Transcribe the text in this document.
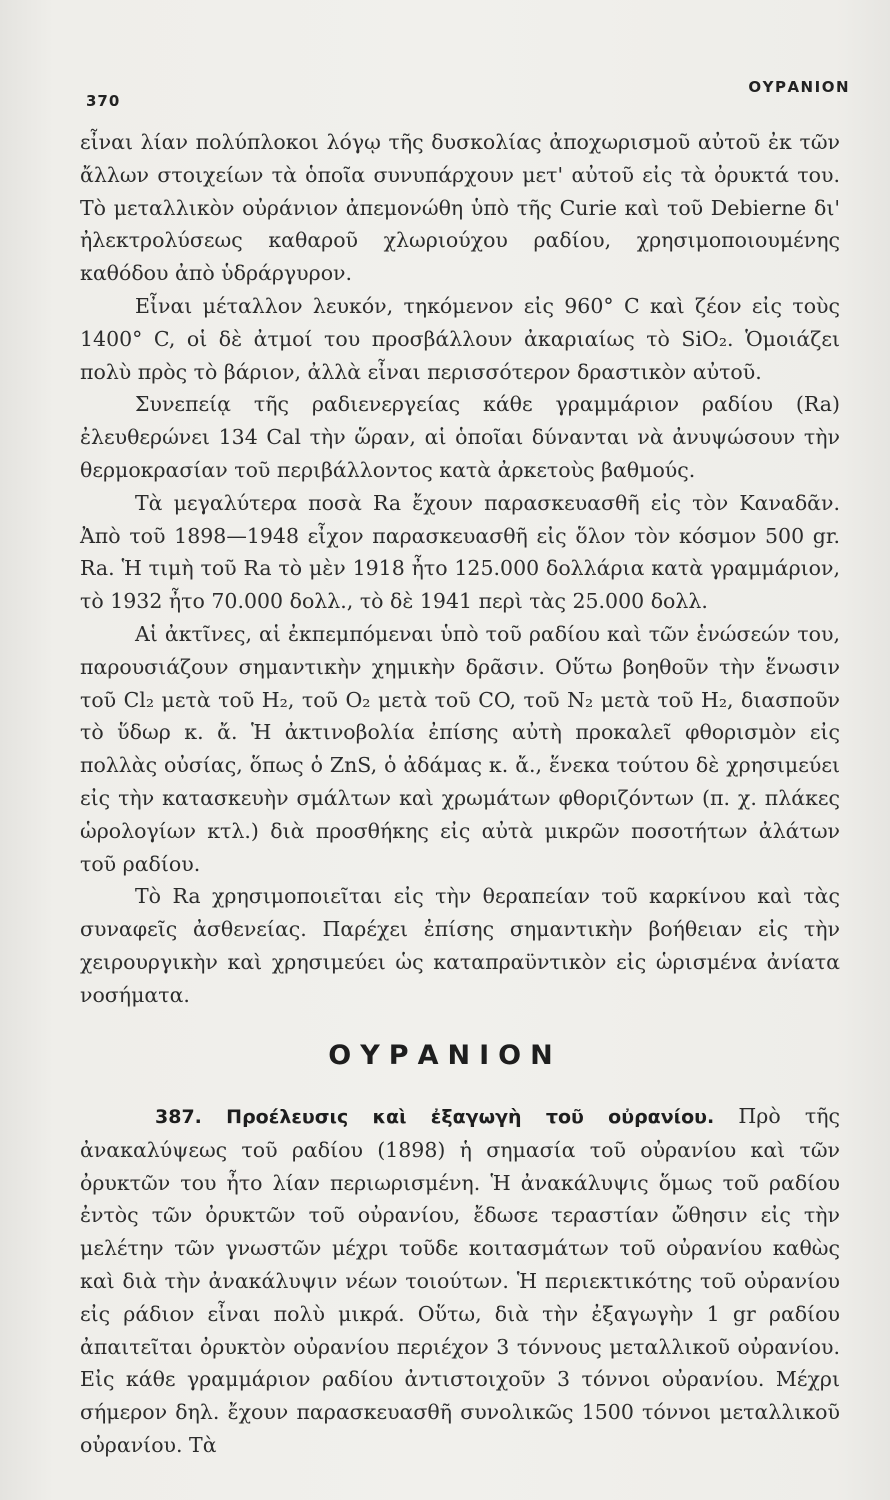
370
ΟΥΡΑΝΙΟΝ

εἶναι λίαν πολύπλοκοι λόγῳ τῆς δυσκολίας ἀποχωρισμοῦ αὐτοῦ ἐκ τῶν ἄλλων στοιχείων τὰ ὁποῖα συνυπάρχουν μετ' αὐτοῦ εἰς τὰ ὀρυκτά του. Τὸ μεταλλικὸν οὐράνιον ἀπεμονώθη ὑπὸ τῆς Curie καὶ τοῦ Debierne δι' ἠλεκτρολύσεως καθαροῦ χλωριούχου ραδίου, χρησιμοποιουμένης καθόδου ἀπὸ ὑδράργυρον.

Εἶναι μέταλλον λευκόν, τηκόμενον εἰς 960° C καὶ ζέον εἰς τοὺς 1400° C, οἱ δὲ ἀτμοί του προσβάλλουν ἀκαριαίως τὸ SiO₂. Ὁμοιάζει πολὺ πρὸς τὸ βάριον, ἀλλὰ εἶναι περισσότερον δραστικὸν αὐτοῦ.

Συνεπείᾳ τῆς ραδιενεργείας κάθε γραμμάριον ραδίου (Ra) ἐλευθερώνει 134 Cal τὴν ὥραν, αἱ ὁποῖαι δύνανται νὰ ἀνυψώσουν τὴν θερμοκρασίαν τοῦ περιβάλλοντος κατὰ ἀρκετοὺς βαθμούς.

Τὰ μεγαλύτερα ποσὰ Ra ἔχουν παρασκευασθῆ εἰς τὸν Καναδᾶν. Ἀπὸ τοῦ 1898—1948 εἶχον παρασκευασθῆ εἰς ὅλον τὸν κόσμον 500 gr. Ra. Ἡ τιμὴ τοῦ Ra τὸ μὲν 1918 ἦτο 125.000 δολλάρια κατὰ γραμμάριον, τὸ 1932 ἦτο 70.000 δολλ., τὸ δὲ 1941 περὶ τὰς 25.000 δολλ.

Αἱ ἀκτῖνες, αἱ ἐκπεμπόμεναι ὑπὸ τοῦ ραδίου καὶ τῶν ἑνώσεών του, παρουσιάζουν σημαντικὴν χημικὴν δρᾶσιν. Οὕτω βοηθοῦν τὴν ἕνωσιν τοῦ Cl₂ μετὰ τοῦ H₂, τοῦ O₂ μετὰ τοῦ CO, τοῦ N₂ μετὰ τοῦ H₂, διασποῦν τὸ ὕδωρ κ. ἄ. Ἡ ἀκτινοβολία ἐπίσης αὐτὴ προκαλεῖ φθορισμὸν εἰς πολλὰς οὐσίας, ὅπως ὁ ZnS, ὁ ἀδάμας κ. ἄ., ἕνεκα τούτου δὲ χρησιμεύει εἰς τὴν κατασκευὴν σμάλτων καὶ χρωμάτων φθοριζόντων (π. χ. πλάκες ὡρολογίων κτλ.) διὰ προσθήκης εἰς αὐτὰ μικρῶν ποσοτήτων ἀλάτων τοῦ ραδίου.

Τὸ Ra χρησιμοποιεῖται εἰς τὴν θεραπείαν τοῦ καρκίνου καὶ τὰς συναφεῖς ἀσθενείας. Παρέχει ἐπίσης σημαντικὴν βοήθειαν εἰς τὴν χειρουργικὴν καὶ χρησιμεύει ὡς καταπραϋντικὸν εἰς ὡρισμένα ἀνίατα νοσήματα.

ΟΥΡΑΝΙΟΝ

387. Προέλευσις καὶ ἐξαγωγὴ τοῦ οὐρανίου. Πρὸ τῆς ἀνακαλύψεως τοῦ ραδίου (1898) ἡ σημασία τοῦ οὐρανίου καὶ τῶν ὀρυκτῶν του ἦτο λίαν περιωρισμένη. Ἡ ἀνακάλυψις ὅμως τοῦ ραδίου ἐντὸς τῶν ὀρυκτῶν τοῦ οὐρανίου, ἔδωσε τεραστίαν ὤθησιν εἰς τὴν μελέτην τῶν γνωστῶν μέχρι τοῦδε κοιτασμάτων τοῦ οὐρανίου καθὼς καὶ διὰ τὴν ἀνακάλυψιν νέων τοιούτων. Ἡ περιεκτικότης τοῦ οὐρανίου εἰς ράδιον εἶναι πολὺ μικρά. Οὕτω, διὰ τὴν ἐξαγωγὴν 1 gr ραδίου ἀπαιτεῖται ὀρυκτὸν οὐρανίου περιέχον 3 τόννους μεταλλικοῦ οὐρανίου. Εἰς κάθε γραμμάριον ραδίου ἀντιστοιχοῦν 3 τόννοι οὐρανίου. Μέχρι σήμερον δηλ. ἔχουν παρασκευασθῆ συνολικῶς 1500 τόννοι μεταλλικοῦ οὐρανίου. Τὰ
